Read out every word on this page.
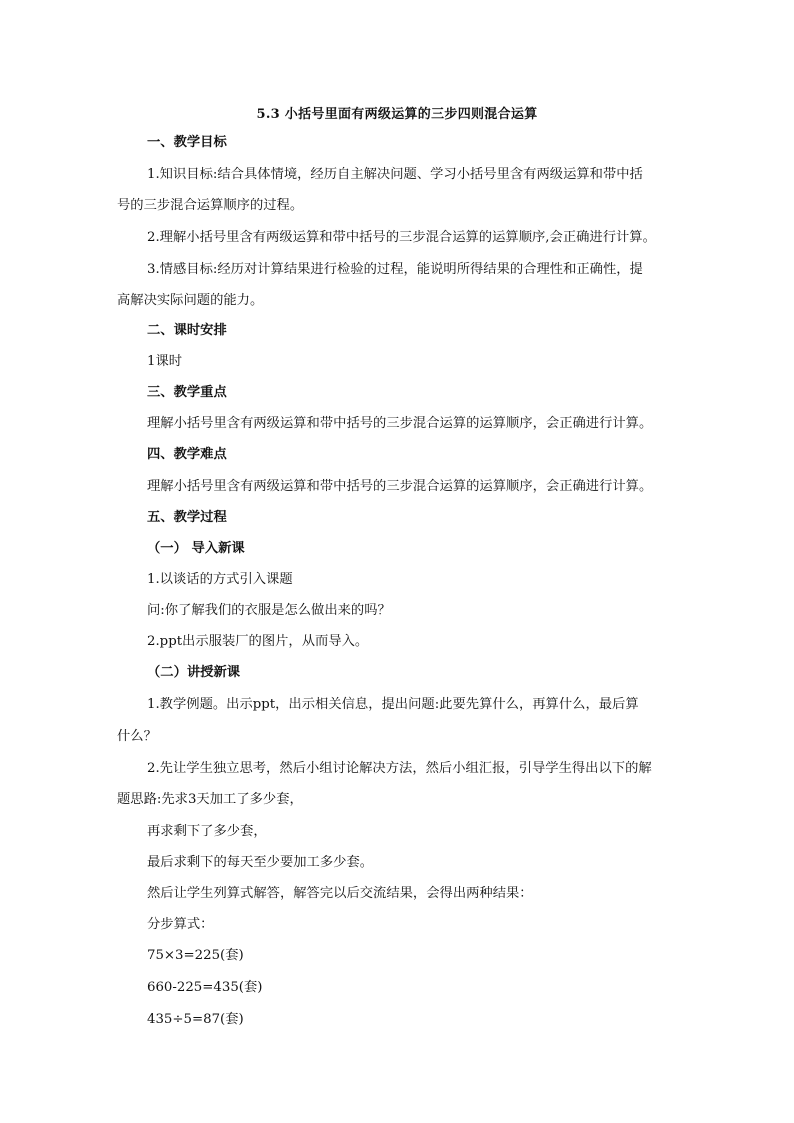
5.3 小括号里面有两级运算的三步四则混合运算
一、教学目标
1.知识目标:结合具体情境，经历自主解决问题、学习小括号里含有两级运算和带中括
号的三步混合运算顺序的过程。
2.理解小括号里含有两级运算和带中括号的三步混合运算的运算顺序,会正确进行计算。
3.情感目标:经历对计算结果进行检验的过程，能说明所得结果的合理性和正确性，提
高解决实际问题的能力。
二、课时安排
1课时
三、教学重点
理解小括号里含有两级运算和带中括号的三步混合运算的运算顺序，会正确进行计算。
四、教学难点
理解小括号里含有两级运算和带中括号的三步混合运算的运算顺序，会正确进行计算。
五、教学过程
（一） 导入新课
1.以谈话的方式引入课题
问:你了解我们的衣服是怎么做出来的吗？
2.ppt出示服装厂的图片，从而导入。
（二）讲授新课
1.教学例题。出示ppt，出示相关信息，提出问题:此要先算什么，再算什么，最后算
什么？
2.先让学生独立思考，然后小组讨论解决方法，然后小组汇报，引导学生得出以下的解
题思路:先求3天加工了多少套，
再求剩下了多少套，
最后求剩下的每天至少要加工多少套。
然后让学生列算式解答，解答完以后交流结果，会得出两种结果：
分步算式：
75×3=225(套)
660-225=435(套)
435÷5=87(套)
